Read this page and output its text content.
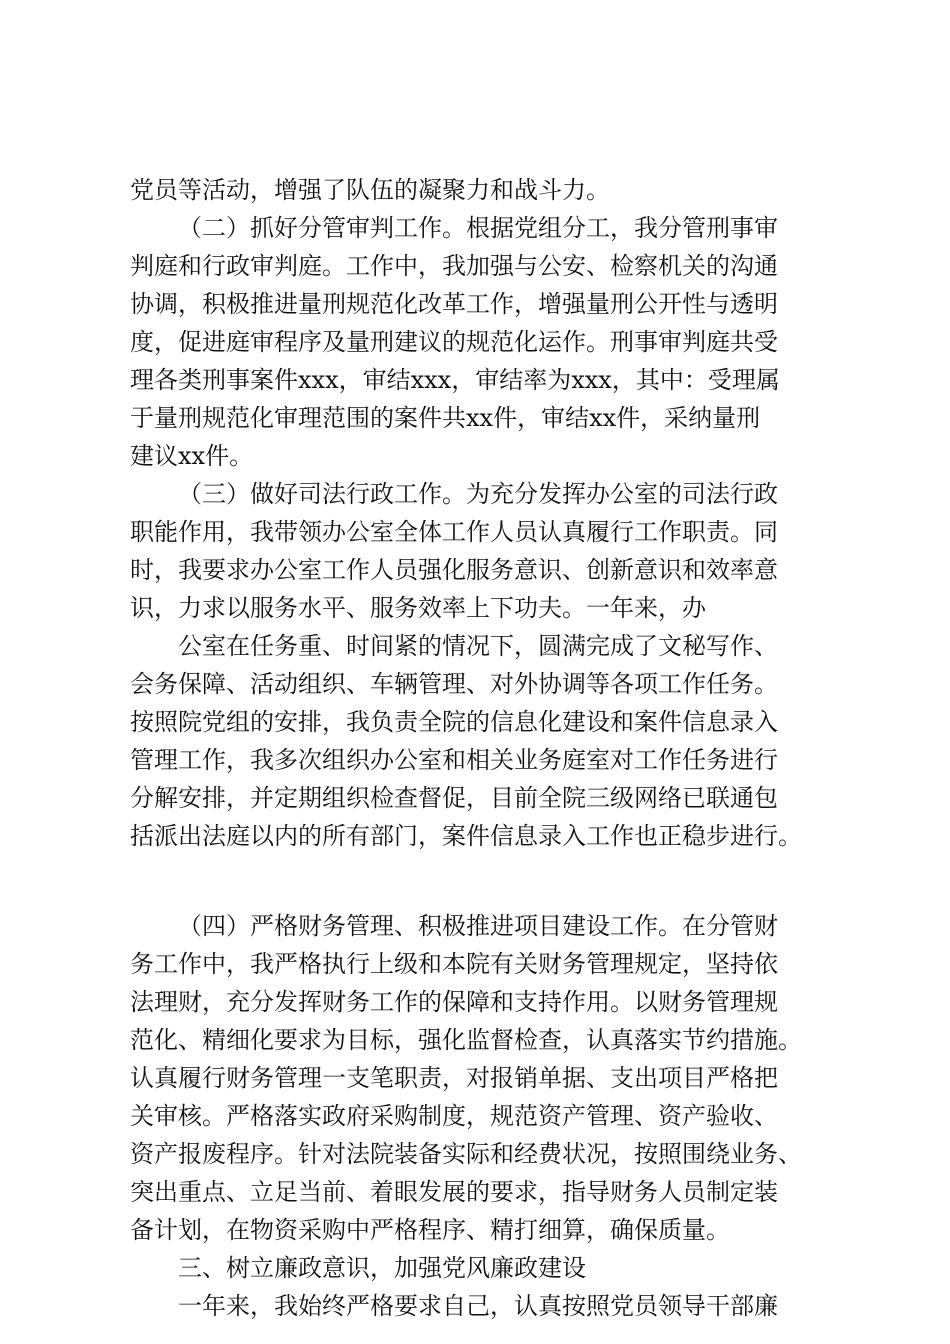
党员等活动，增强了队伍的凝聚力和战斗力。
（二）抓好分管审判工作。根据党组分工，我分管刑事审
判庭和行政审判庭。工作中，我加强与公安、检察机关的沟通
协调，积极推进量刑规范化改革工作，增强量刑公开性与透明
度，促进庭审程序及量刑建议的规范化运作。刑事审判庭共受
理各类刑事案件xxx，审结xxx，审结率为xxx，其中：受理属
于量刑规范化审理范围的案件共xx件，审结xx件，采纳量刑
建议xx件。
（三）做好司法行政工作。为充分发挥办公室的司法行政
职能作用，我带领办公室全体工作人员认真履行工作职责。同
时，我要求办公室工作人员强化服务意识、创新意识和效率意
识，力求以服务水平、服务效率上下功夫。一年来，办
公室在任务重、时间紧的情况下，圆满完成了文秘写作、
会务保障、活动组织、车辆管理、对外协调等各项工作任务。
按照院党组的安排，我负责全院的信息化建设和案件信息录入
管理工作，我多次组织办公室和相关业务庭室对工作任务进行
分解安排，并定期组织检查督促，目前全院三级网络已联通包
括派出法庭以内的所有部门，案件信息录入工作也正稳步进行。
（四）严格财务管理、积极推进项目建设工作。在分管财
务工作中，我严格执行上级和本院有关财务管理规定，坚持依
法理财，充分发挥财务工作的保障和支持作用。以财务管理规
范化、精细化要求为目标，强化监督检查，认真落实节约措施。
认真履行财务管理一支笔职责，对报销单据、支出项目严格把
关审核。严格落实政府采购制度，规范资产管理、资产验收、
资产报废程序。针对法院装备实际和经费状况，按照围绕业务、
突出重点、立足当前、着眼发展的要求，指导财务人员制定装
备计划，在物资采购中严格程序、精打细算，确保质量。
三、树立廉政意识，加强党风廉政建设
一年来，我始终严格要求自己，认真按照党员领导干部廉
